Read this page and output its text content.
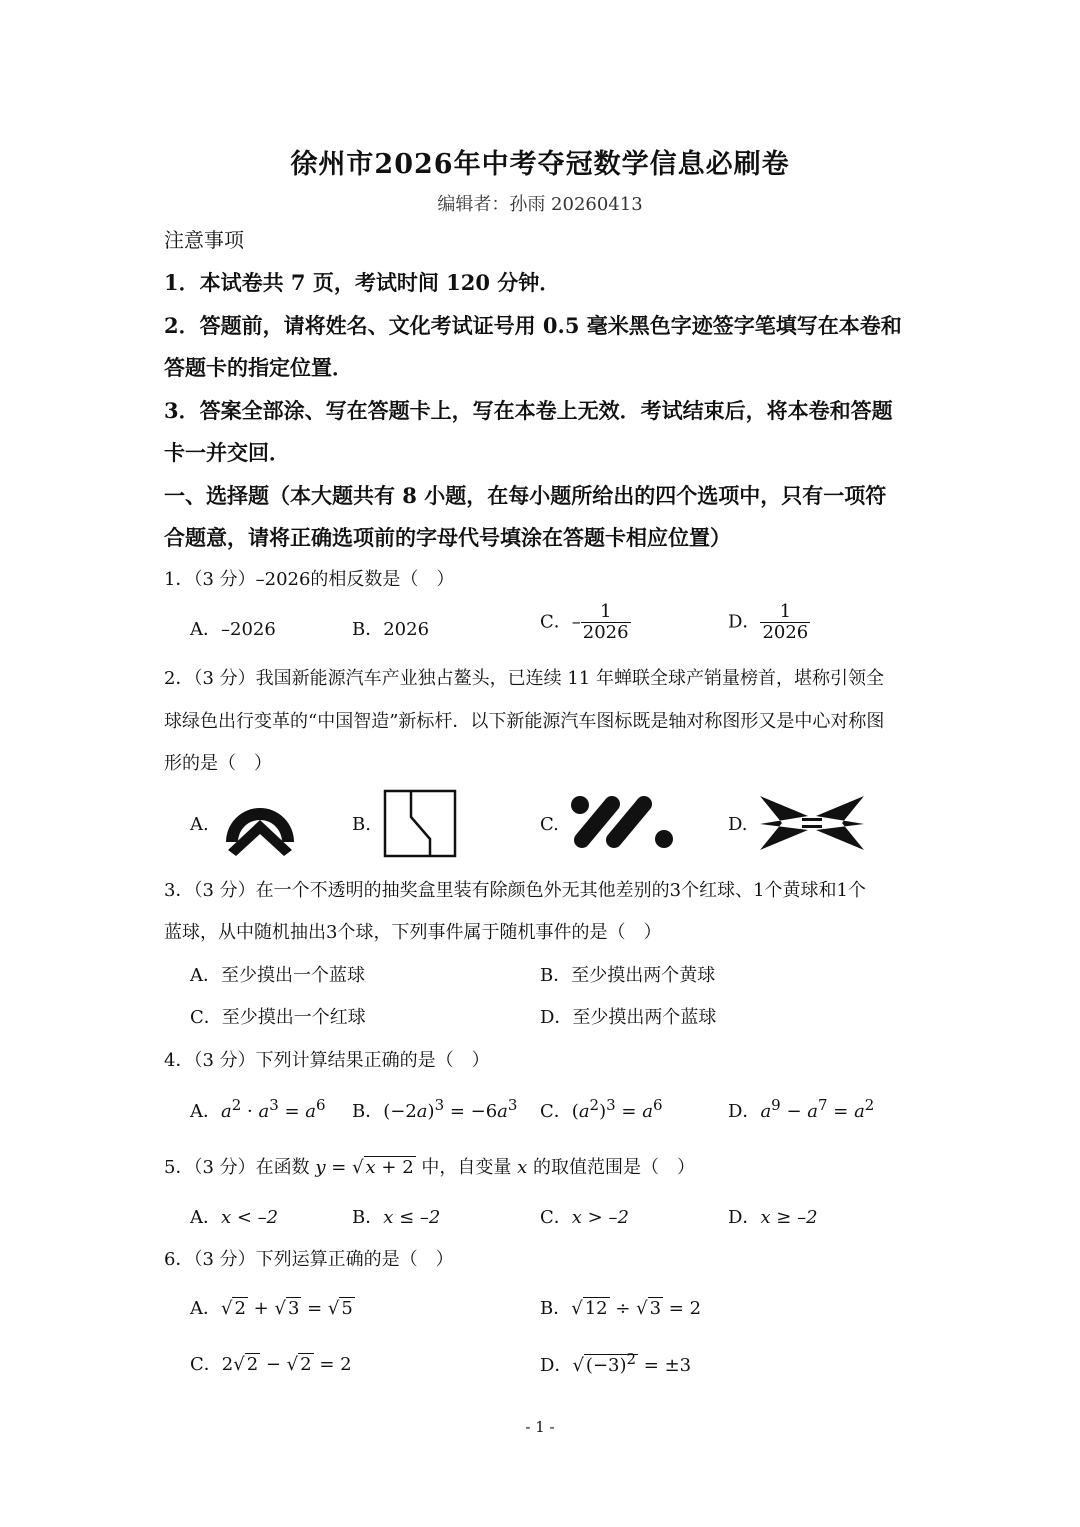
徐州市2026年中考夺冠数学信息必刷卷
编辑者：孙雨 20260413
注意事项
1．本试卷共 7 页，考试时间 120 分钟．
2．答题前，请将姓名、文化考试证号用 0.5 毫米黑色字迹签字笔填写在本卷和
答题卡的指定位置．
3．答案全部涂、写在答题卡上，写在本卷上无效．考试结束后，将本卷和答题
卡一并交回．
一、选择题（本大题共有 8 小题，在每小题所给出的四个选项中，只有一项符
合题意，请将正确选项前的字母代号填涂在答题卡相应位置）
1．（3 分）–2026的相反数是（　）
A．–2026	B．2026	C．– $\frac{1}{2026}$	D． $\frac{1}{2026}$
2．（3 分）我国新能源汽车产业独占鳌头，已连续 11 年蝉联全球产销量榜首，堪称引领全
球绿色出行变革的“中国智造”新标杆．以下新能源汽车图标既是轴对称图形又是中心对称图
形的是（　）
A.	B.	C.	D.
3．（3 分）在一个不透明的抽奖盒里装有除颜色外无其他差别的3个红球、1个黄球和1个
蓝球，从中随机抽出3个球，下列事件属于随机事件的是（　）
A．至少摸出一个蓝球	B．至少摸出两个黄球
C．至少摸出一个红球	D．至少摸出两个蓝球
4．（3 分）下列计算结果正确的是（　）
A．$a^2 \cdot a^3 = a^6$ B．$(-2a)^3 = -6a^3$ C．$(a^2)^3 = a^6$	D．$a^9 - a^7 = a^2$
5．（3 分）在函数 y = √ x + 2 中，自变量 x 的取值范围是（　）
A．x < –2	B．x ≤ –2	C．x > –2	D．x ≥ –2
6．（3 分）下列运算正确的是（　）
A．√ 2 + √ 3 = √ 5	B．√ 12 ÷ √ 3 = 2
C．2√ 2 − √ 2 = 2	D．√ $(-3)^2 = \pm 3$
- 1 -
